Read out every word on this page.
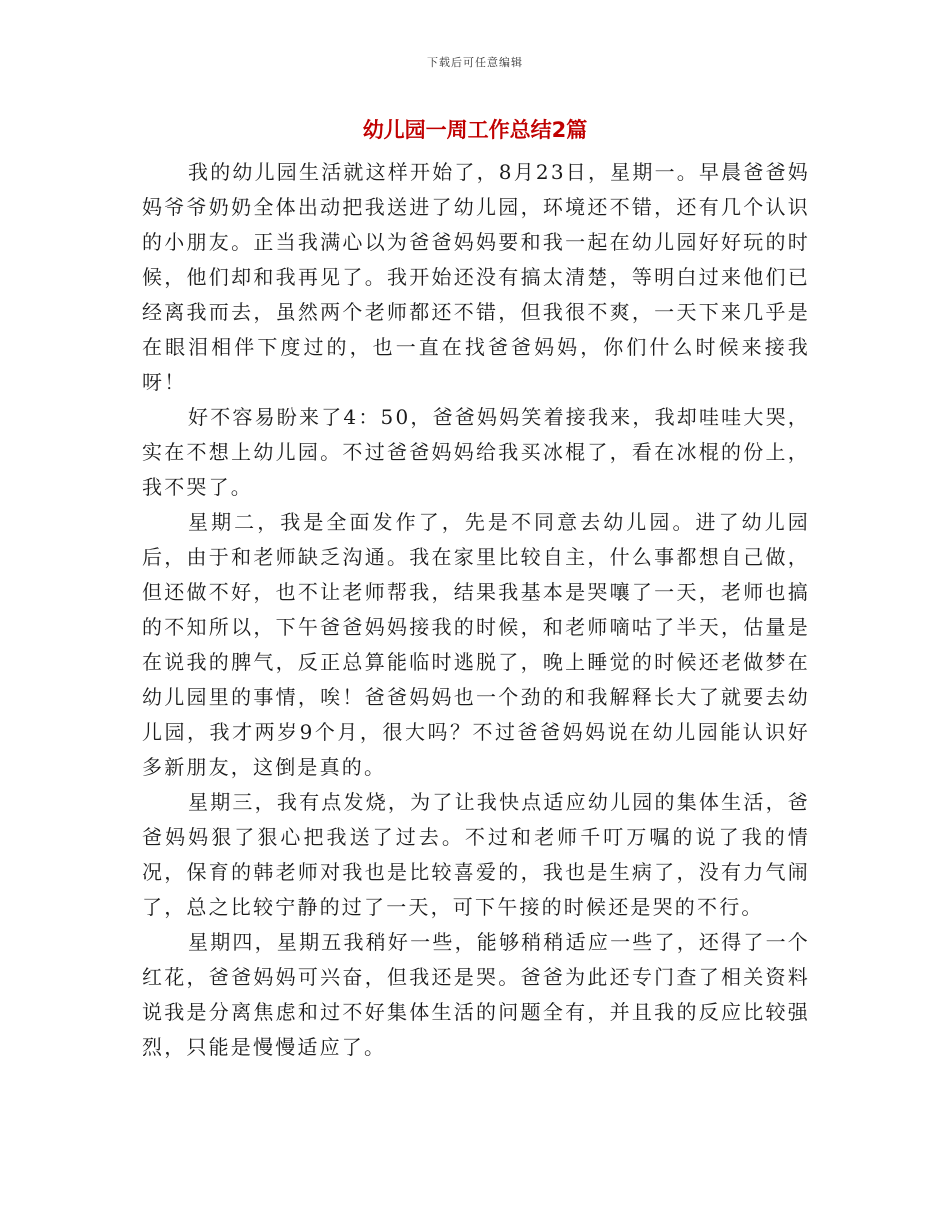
下载后可任意编辑
幼儿园一周工作总结2篇

我的幼儿园生活就这样开始了，8月23日，星期一。早晨爸爸妈妈爷爷奶奶全体出动把我送进了幼儿园，环境还不错，还有几个认识的小朋友。正当我满心以为爸爸妈妈要和我一起在幼儿园好好玩的时候，他们却和我再见了。我开始还没有搞太清楚，等明白过来他们已经离我而去，虽然两个老师都还不错，但我很不爽，一天下来几乎是在眼泪相伴下度过的，也一直在找爸爸妈妈，你们什么时候来接我呀！

好不容易盼来了4：50，爸爸妈妈笑着接我来，我却哇哇大哭，实在不想上幼儿园。不过爸爸妈妈给我买冰棍了，看在冰棍的份上，我不哭了。

星期二，我是全面发作了，先是不同意去幼儿园。进了幼儿园后，由于和老师缺乏沟通。我在家里比较自主，什么事都想自己做，但还做不好，也不让老师帮我，结果我基本是哭嚷了一天，老师也搞的不知所以，下午爸爸妈妈接我的时候，和老师嘀咕了半天，估量是在说我的脾气，反正总算能临时逃脱了，晚上睡觉的时候还老做梦在幼儿园里的事情，唉！爸爸妈妈也一个劲的和我解释长大了就要去幼儿园，我才两岁9个月，很大吗？不过爸爸妈妈说在幼儿园能认识好多新朋友，这倒是真的。

星期三，我有点发烧，为了让我快点适应幼儿园的集体生活，爸爸妈妈狠了狠心把我送了过去。不过和老师千叮万嘱的说了我的情况，保育的韩老师对我也是比较喜爱的，我也是生病了，没有力气闹了，总之比较宁静的过了一天，可下午接的时候还是哭的不行。

星期四，星期五我稍好一些，能够稍稍适应一些了，还得了一个红花，爸爸妈妈可兴奋，但我还是哭。爸爸为此还专门查了相关资料说我是分离焦虑和过不好集体生活的问题全有，并且我的反应比较强烈，只能是慢慢适应了。
